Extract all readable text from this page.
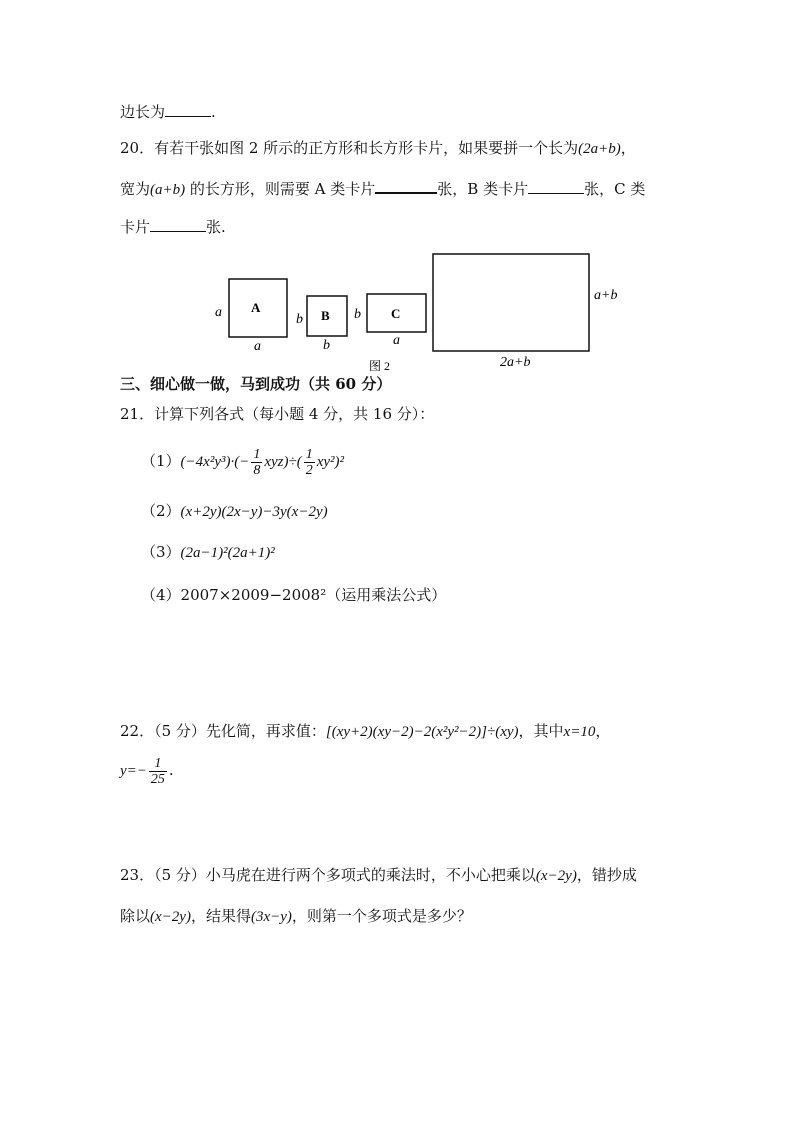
边长为	.
20．有若干张如图 2 所示的正方形和长方形卡片，如果要拼一个长为(2a+b)，
宽为(a+b) 的长方形，则需要 A 类卡片	张，B 类卡片	张，C 类
卡片	张.
A
a
a
B
b
b
C
b
a
a+b
2a+b
图 2
三、细心做一做，马到成功（共 60 分）
21．计算下列各式（每小题 4 分，共 16 分）：
$(1)(-4x^2y^3)\cdot(- \frac{1}{8} xyz)\div( \frac{1}{2} xy^2)^2$
（2）(x+2y)(2x−y)−3y(x−2y)
（3）(2a−1)²(2a+1)²
（4）2007×2009−2008²（运用乘法公式）
22．（5 分）先化简，再求值：[(xy+2)(xy−2)−2(x²y²−2)]÷(xy)，其中x=10，
$y=- \frac{1}{25}$ .
23．（5 分）小马虎在进行两个多项式的乘法时，不小心把乘以(x−2y)，错抄成
除以(x−2y)，结果得(3x−y)，则第一个多项式是多少？
